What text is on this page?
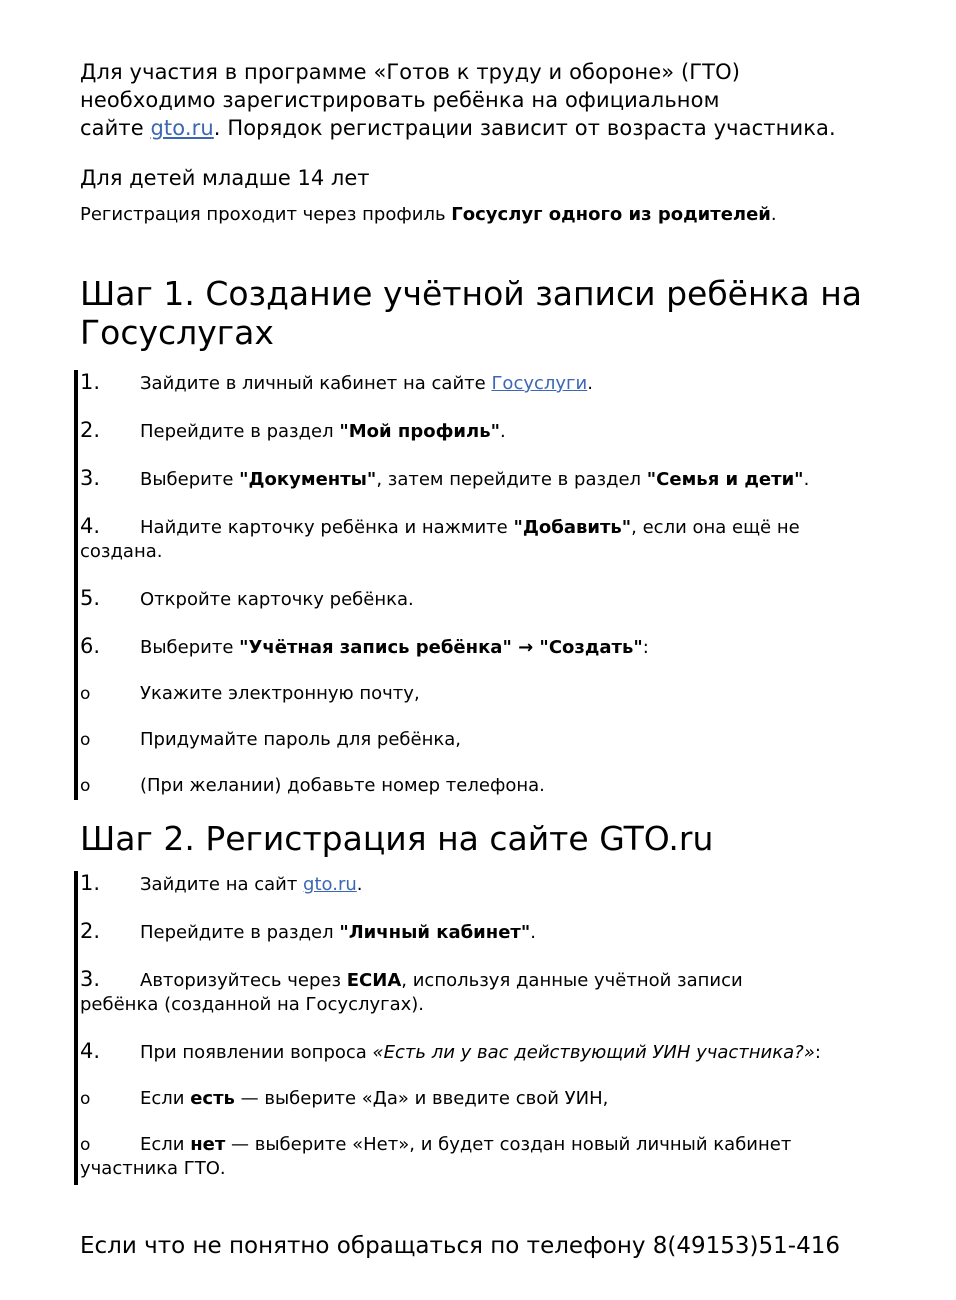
Для участия в программе «Готов к труду и обороне» (ГТО)
необходимо зарегистрировать ребёнка на официальном
сайте gto.ru. Порядок регистрации зависит от возраста участника.

Для детей младше 14 лет

Регистрация проходит через профиль Госуслуг одного из родителей.

Шаг 1. Создание учётной записи ребёнка на
Госуслугах

1. Зайдите в личный кабинет на сайте Госуслуги.

2. Перейдите в раздел "Мой профиль".

3. Выберите "Документы", затем перейдите в раздел "Семья и дети".

4. Найдите карточку ребёнка и нажмите "Добавить", если она ещё не
создана.

5. Откройте карточку ребёнка.

6. Выберите "Учётная запись ребёнка" → "Создать":

o	Укажите электронную почту,

o	Придумайте пароль для ребёнка,

o	(При желании) добавьте номер телефона.

Шаг 2. Регистрация на сайте GTO.ru

1. Зайдите на сайт gto.ru.

2. Перейдите в раздел "Личный кабинет".

3. Авторизуйтесь через ЕСИА, используя данные учётной записи
ребёнка (созданной на Госуслугах).

4. При появлении вопроса «Есть ли у вас действующий УИН участника?»:

o	Если есть — выберите «Да» и введите свой УИН,

o	Если нет — выберите «Нет», и будет создан новый личный кабинет
участника ГТО.

Если что не понятно обращаться по телефону 8(49153)51-416
